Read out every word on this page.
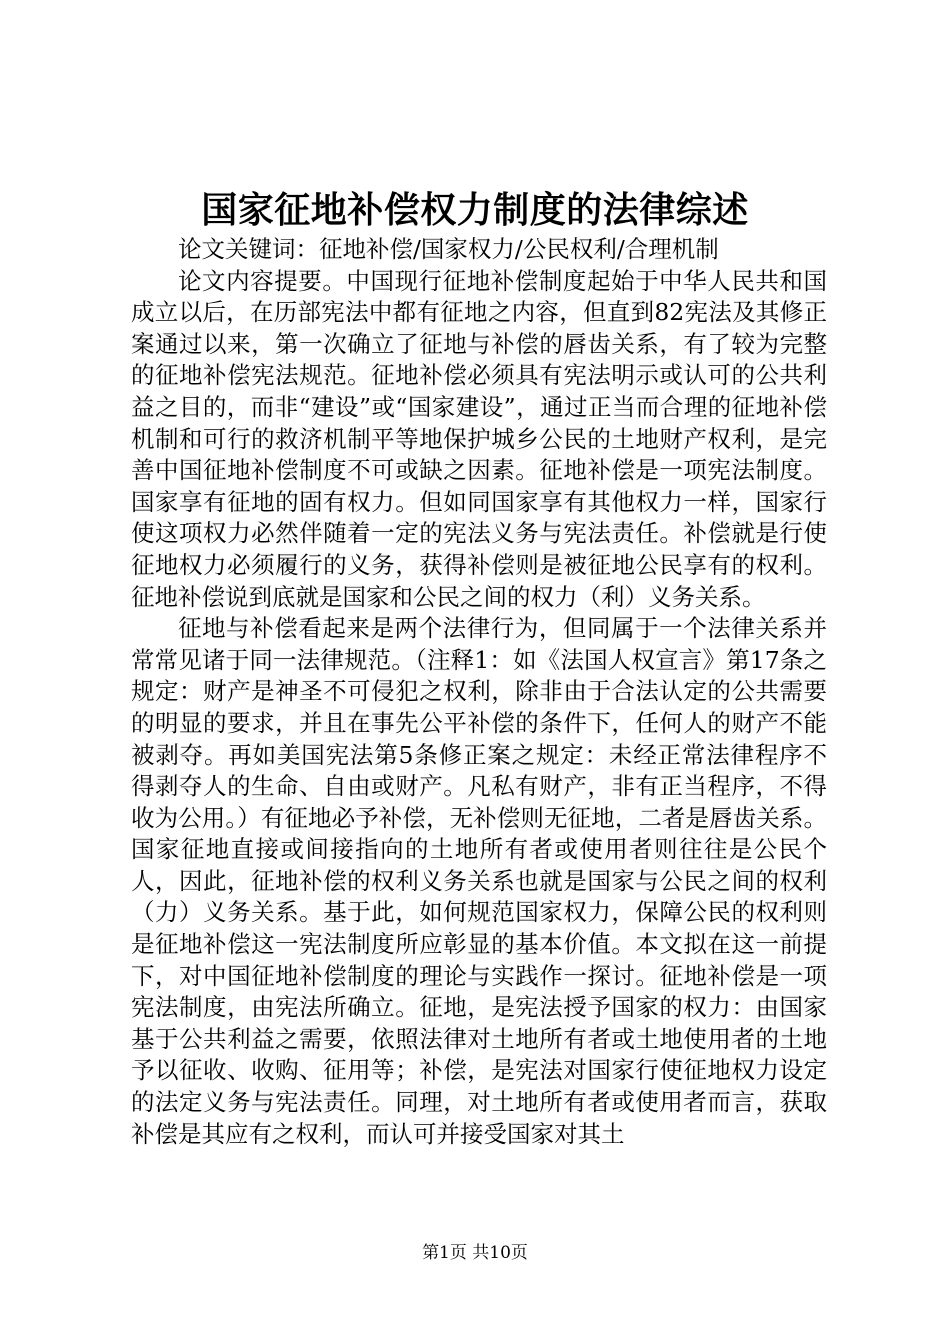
国家征地补偿权力制度的法律综述

论文关键词：征地补偿/国家权力/公民权利/合理机制

论文内容提要。中国现行征地补偿制度起始于中华人民共和国成立以后，在历部宪法中都有征地之内容，但直到82宪法及其修正案通过以来，第一次确立了征地与补偿的唇齿关系，有了较为完整的征地补偿宪法规范。征地补偿必须具有宪法明示或认可的公共利益之目的，而非“建设”或“国家建设”，通过正当而合理的征地补偿机制和可行的救济机制平等地保护城乡公民的土地财产权利，是完善中国征地补偿制度不可或缺之因素。征地补偿是一项宪法制度。国家享有征地的固有权力。但如同国家享有其他权力一样，国家行使这项权力必然伴随着一定的宪法义务与宪法责任。补偿就是行使征地权力必须履行的义务，获得补偿则是被征地公民享有的权利。征地补偿说到底就是国家和公民之间的权力（利）义务关系。

征地与补偿看起来是两个法律行为，但同属于一个法律关系并常常见诸于同一法律规范。（注释1：如《法国人权宣言》第17条之规定：财产是神圣不可侵犯之权利，除非由于合法认定的公共需要的明显的要求，并且在事先公平补偿的条件下，任何人的财产不能被剥夺。再如美国宪法第5条修正案之规定：未经正常法律程序不得剥夺人的生命、自由或财产。凡私有财产，非有正当程序，不得收为公用。）有征地必予补偿，无补偿则无征地，二者是唇齿关系。国家征地直接或间接指向的土地所有者或使用者则往往是公民个人，因此，征地补偿的权利义务关系也就是国家与公民之间的权利（力）义务关系。基于此，如何规范国家权力，保障公民的权利则是征地补偿这一宪法制度所应彰显的基本价值。本文拟在这一前提下，对中国征地补偿制度的理论与实践作一探讨。征地补偿是一项宪法制度，由宪法所确立。征地，是宪法授予国家的权力：由国家基于公共利益之需要，依照法律对土地所有者或土地使用者的土地予以征收、收购、征用等；补偿，是宪法对国家行使征地权力设定的法定义务与宪法责任。同理，对土地所有者或使用者而言，获取补偿是其应有之权利，而认可并接受国家对其土

第1页 共10页
